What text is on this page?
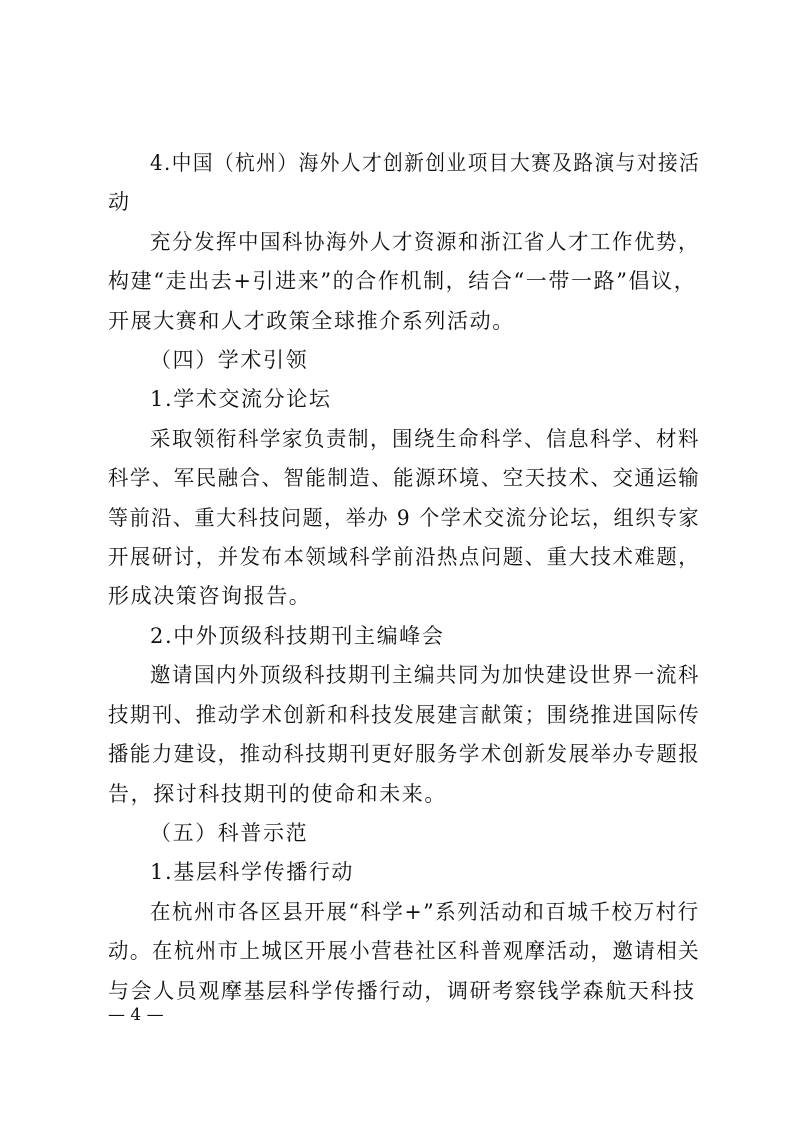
4.中国（杭州）海外人才创新创业项目大赛及路演与对接活
动
充分发挥中国科协海外人才资源和浙江省人才工作优势，
构建“走出去+引进来”的合作机制，结合“一带一路”倡议，
开展大赛和人才政策全球推介系列活动。
（四）学术引领
1.学术交流分论坛
采取领衔科学家负责制，围绕生命科学、信息科学、材料
科学、军民融合、智能制造、能源环境、空天技术、交通运输
等前沿、重大科技问题，举办 9 个学术交流分论坛，组织专家
开展研讨，并发布本领域科学前沿热点问题、重大技术难题，
形成决策咨询报告。
2.中外顶级科技期刊主编峰会
邀请国内外顶级科技期刊主编共同为加快建设世界一流科
技期刊、推动学术创新和科技发展建言献策；围绕推进国际传
播能力建设，推动科技期刊更好服务学术创新发展举办专题报
告，探讨科技期刊的使命和未来。
（五）科普示范
1.基层科学传播行动
在杭州市各区县开展“科学+”系列活动和百城千校万村行
动。在杭州市上城区开展小营巷社区科普观摩活动，邀请相关
与会人员观摩基层科学传播行动，调研考察钱学森航天科技
— 4 —
